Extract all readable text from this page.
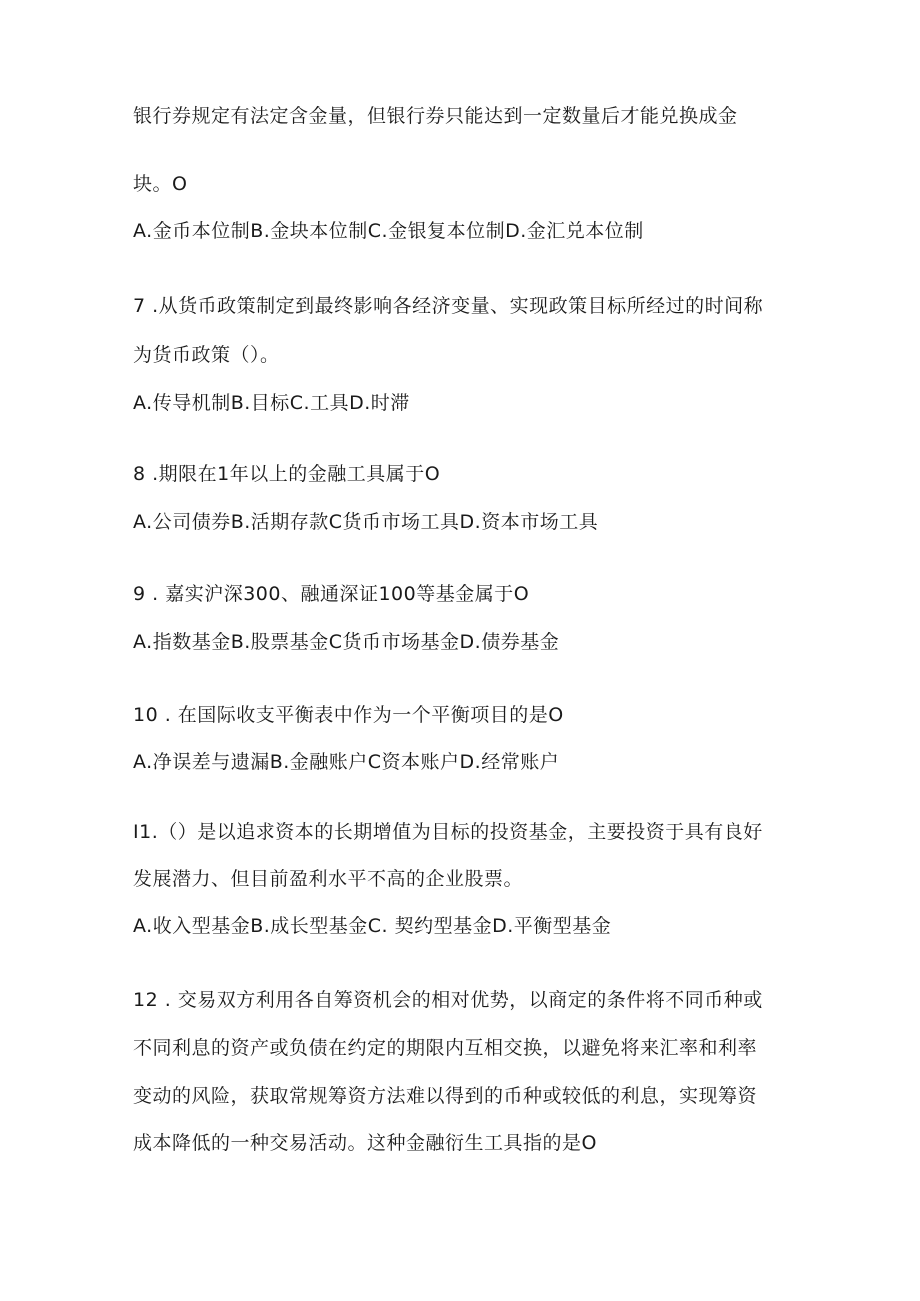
银行券规定有法定含金量，但银行券只能达到一定数量后才能兑换成金
块。O
A.金币本位制B.金块本位制C.金银复本位制D.金汇兑本位制
7 .从货币政策制定到最终影响各经济变量、实现政策目标所经过的时间称
为货币政策（）。
A.传导机制B.目标C.工具D.时滞
8 .期限在1年以上的金融工具属于O
A.公司债券B.活期存款C货币市场工具D.资本市场工具
9 . 嘉实沪深300、融通深证100等基金属于O
A.指数基金B.股票基金C货币市场基金D.债券基金
10 . 在国际收支平衡表中作为一个平衡项目的是O
A.净误差与遗漏B.金融账户C资本账户D.经常账户
I1.（）是以追求资本的长期增值为目标的投资基金，主要投资于具有良好
发展潜力、但目前盈利水平不高的企业股票。
A.收入型基金B.成长型基金C. 契约型基金D.平衡型基金
12 . 交易双方利用各自筹资机会的相对优势，以商定的条件将不同币种或
不同利息的资产或负债在约定的期限内互相交换，以避免将来汇率和利率
变动的风险，获取常规筹资方法难以得到的币种或较低的利息，实现筹资
成本降低的一种交易活动。这种金融衍生工具指的是O
